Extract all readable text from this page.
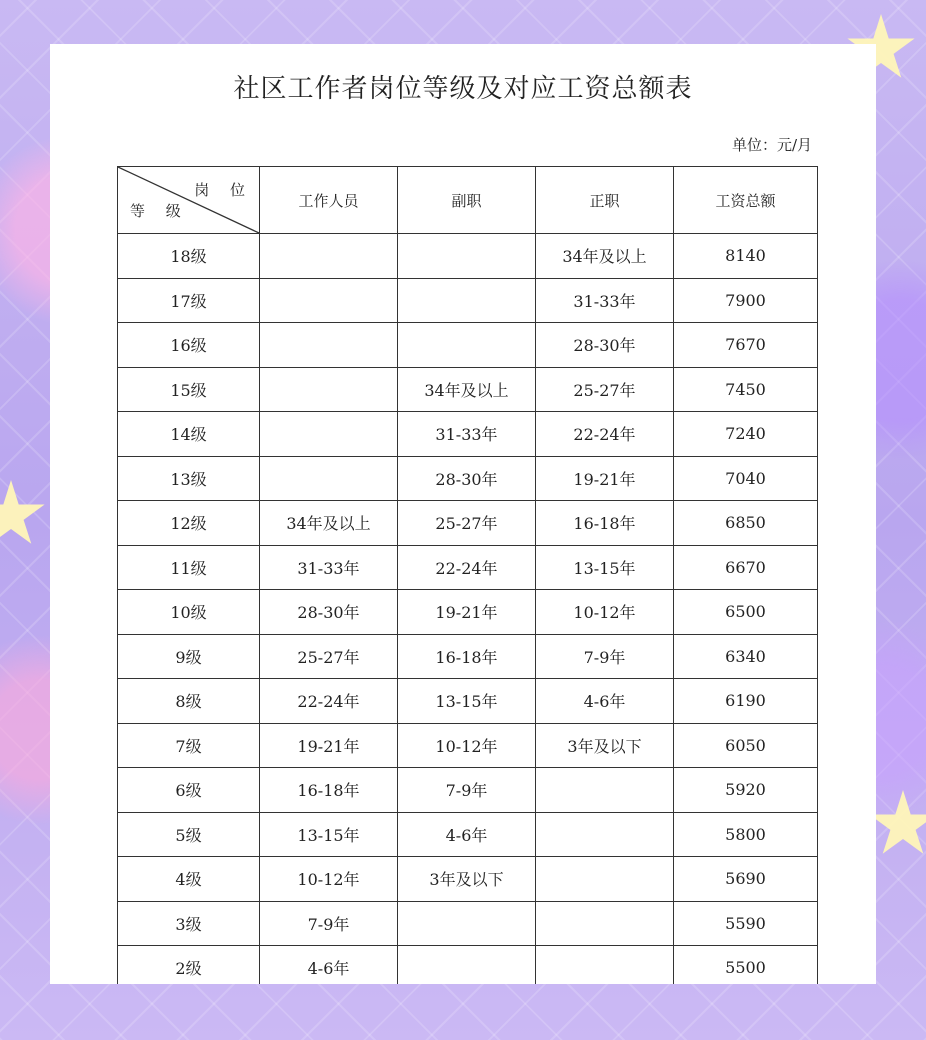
社区工作者岗位等级及对应工资总额表
单位：元/月
岗 位
等 级	工作人员	副职	正职	工资总额
18级			34年及以上	8140
17级			31-33年	7900
16级			28-30年	7670
15级		34年及以上	25-27年	7450
14级		31-33年	22-24年	7240
13级		28-30年	19-21年	7040
12级	34年及以上	25-27年	16-18年	6850
11级	31-33年	22-24年	13-15年	6670
10级	28-30年	19-21年	10-12年	6500
9级	25-27年	16-18年	7-9年	6340
8级	22-24年	13-15年	4-6年	6190
7级	19-21年	10-12年	3年及以下	6050
6级	16-18年	7-9年		5920
5级	13-15年	4-6年		5800
4级	10-12年	3年及以下		5690
3级	7-9年			5590
2级	4-6年			5500
